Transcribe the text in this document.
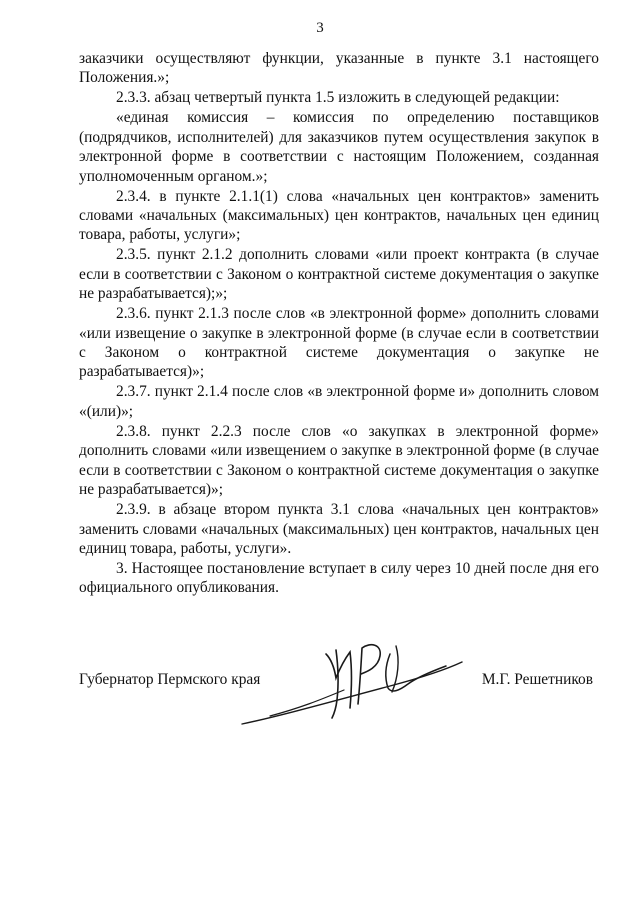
3

заказчики осуществляют функции, указанные в пункте 3.1 настоящего Положения.»;

2.3.3. абзац четвертый пункта 1.5 изложить в следующей редакции:

«единая комиссия – комиссия по определению поставщиков (подрядчиков, исполнителей) для заказчиков путем осуществления закупок в электронной форме в соответствии с настоящим Положением, созданная уполномоченным органом.»;

2.3.4. в пункте 2.1.1(1) слова «начальных цен контрактов» заменить словами «начальных (максимальных) цен контрактов, начальных цен единиц товара, работы, услуги»;

2.3.5. пункт 2.1.2 дополнить словами «или проект контракта (в случае если в соответствии с Законом о контрактной системе документация о закупке не разрабатывается);»;

2.3.6. пункт 2.1.3 после слов «в электронной форме» дополнить словами «или извещение о закупке в электронной форме (в случае если в соответствии с Законом о контрактной системе документация о закупке не разрабатывается)»;

2.3.7. пункт 2.1.4 после слов «в электронной форме и» дополнить словом «(или)»;

2.3.8. пункт 2.2.3 после слов «о закупках в электронной форме» дополнить словами «или извещением о закупке в электронной форме (в случае если в соответствии с Законом о контрактной системе документация о закупке не разрабатывается)»;

2.3.9. в абзаце втором пункта 3.1 слова «начальных цен контрактов» заменить словами «начальных (максимальных) цен контрактов, начальных цен единиц товара, работы, услуги».

3. Настоящее постановление вступает в силу через 10 дней после дня его официального опубликования.

Губернатор Пермского края	М.Г. Решетников
